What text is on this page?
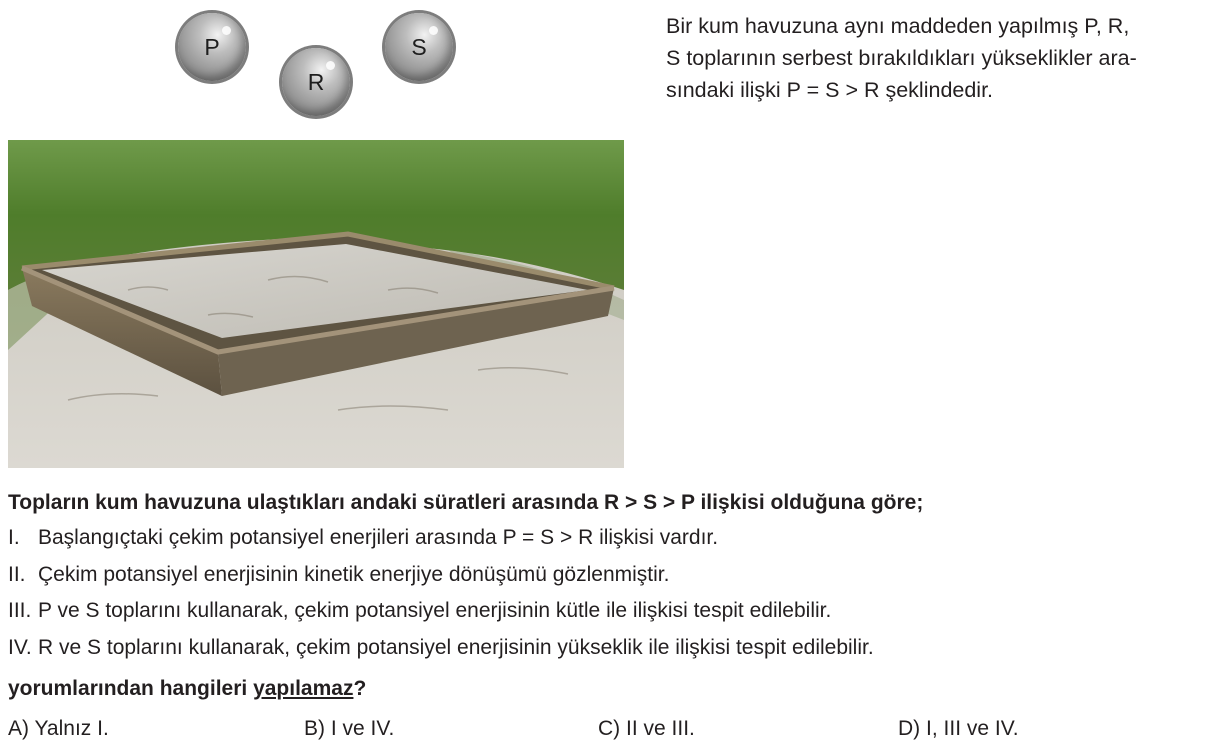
P
R
S

Bir kum havuzuna aynı maddeden yapılmış P, R,
S toplarının serbest bırakıldıkları yükseklikler ara-
sındaki ilişki P = S > R şeklindedir.

Topların kum havuzuna ulaştıkları andaki süratleri arasında R > S > P ilişkisi olduğuna göre;

I. Başlangıçtaki çekim potansiyel enerjileri arasında P = S > R ilişkisi vardır.

II. Çekim potansiyel enerjisinin kinetik enerjiye dönüşümü gözlenmiştir.

III. P ve S toplarını kullanarak, çekim potansiyel enerjisinin kütle ile ilişkisi tespit edilebilir.

IV. R ve S toplarını kullanarak, çekim potansiyel enerjisinin yükseklik ile ilişkisi tespit edilebilir.

yorumlarından hangileri yapılamaz?

A) Yalnız I.	B) I ve IV.	C) II ve III.	D) I, III ve IV.
